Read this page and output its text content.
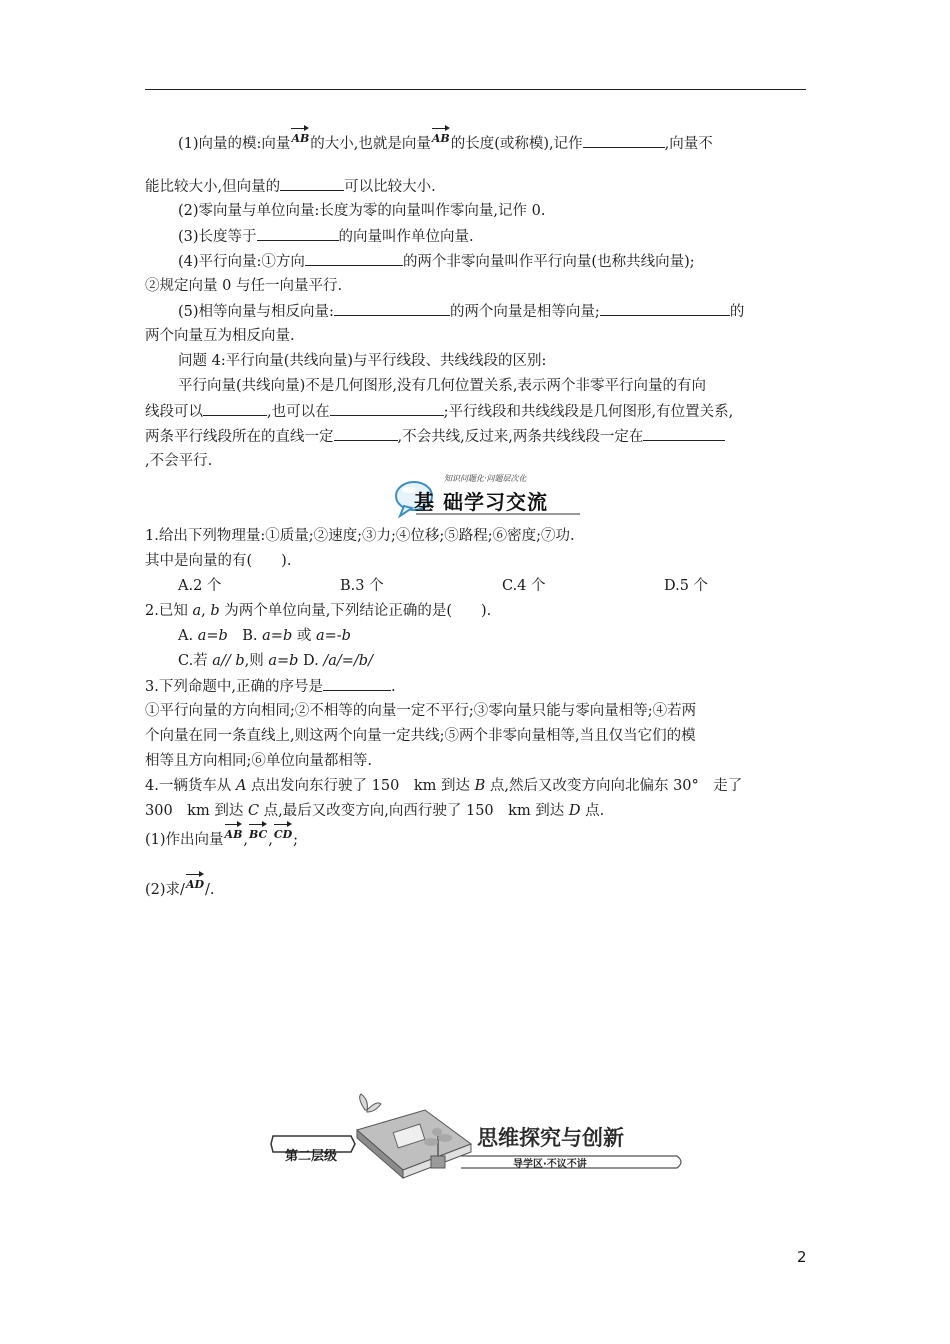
(1)向量的模:向量AB的大小,也就是向量AB的长度(或称模),记作	,向量不
能比较大小,但向量的	可以比较大小.
(2)零向量与单位向量:长度为零的向量叫作零向量,记作 0.
(3)长度等于	的向量叫作单位向量.
(4)平行向量:①方向	的两个非零向量叫作平行向量(也称共线向量);
②规定向量 0 与任一向量平行.
(5)相等向量与相反向量:	的两个向量是相等向量;	的
两个向量互为相反向量.
问题 4:平行向量(共线向量)与平行线段、共线线段的区别:
平行向量(共线向量)不是几何图形,没有几何位置关系,表示两个非零平行向量的有向
线段可以	,也可以在	;平行线段和共线线段是几何图形,有位置关系,
两条平行线段所在的直线一定	,不会共线,反过来,两条共线线段一定在
,不会平行.
知识问题化·问题层次化
基 础学习交流
1.给出下列物理量:①质量;②速度;③力;④位移;⑤路程;⑥密度;⑦功.
其中是向量的有(　　).
A.2 个	B.3 个	C.4 个	D.5 个
2.已知 a, b 为两个单位向量,下列结论正确的是(　　).
A. a=b　B. a=b 或 a=-b
C.若 a// b,则 a=b D. /a/=/b/
3.下列命题中,正确的序号是	.
①平行向量的方向相同;②不相等的向量一定不平行;③零向量只能与零向量相等;④若两
个向量在同一条直线上,则这两个向量一定共线;⑤两个非零向量相等,当且仅当它们的模
相等且方向相同;⑥单位向量都相等.
4.一辆货车从 A 点出发向东行驶了 150　km 到达 B 点,然后又改变方向向北偏东 30°　走了
300　km 到达 C 点,最后又改变方向,向西行驶了 150　km 到达 D 点.
(1)作出向量AB,BC,CD;
(2)求/AD/.
第二层级
思维探究与创新
导学区·不议不讲
2
